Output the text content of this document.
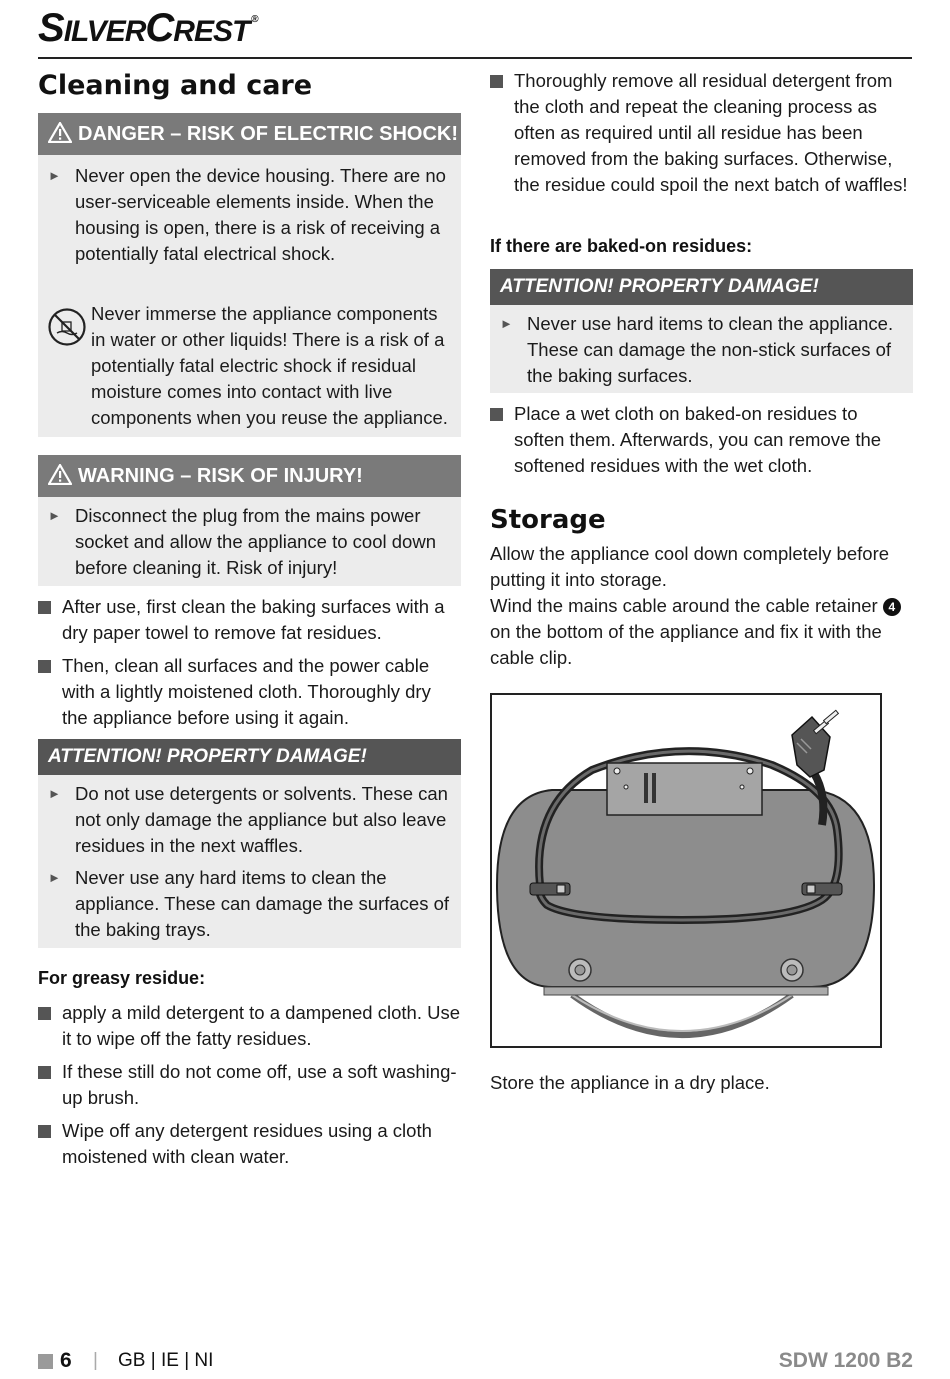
SILVERCREST ®
Cleaning and care
DANGER – RISK OF ELECTRIC SHOCK!
► Never open the device housing. There are no user-serviceable elements inside. When the housing is open, there is a risk of receiving a potentially fatal electrical shock.

Never immerse the appliance components in water or other liquids! There is a risk of a potentially fatal electric shock if residual moisture comes into contact with live components when you reuse the appliance.

WARNING – RISK OF INJURY!
► Disconnect the plug from the mains power socket and allow the appliance to cool down before cleaning it. Risk of injury!
After use, first clean the baking surfaces with a dry paper towel to remove fat residues.
Then, clean all surfaces and the power cable with a lightly moistened cloth. Thoroughly dry the appliance before using it again.
ATTENTION! PROPERTY DAMAGE!
► Do not use detergents or solvents. These can not only damage the appliance but also leave residues in the next waffles.
► Never use any hard items to clean the appliance. These can damage the surfaces of the baking trays.
For greasy residue:
apply a mild detergent to a dampened cloth. Use it to wipe off the fatty residues.
If these still do not come off, use a soft washing-up brush.
Wipe off any detergent residues using a cloth moistened with clean water.
Thoroughly remove all residual detergent from the cloth and repeat the cleaning process as often as required until all residue has been removed from the baking surfaces. Otherwise, the residue could spoil the next batch of waffles!
If there are baked-on residues:
ATTENTION! PROPERTY DAMAGE!
► Never use hard items to clean the appliance. These can damage the non-stick surfaces of the baking surfaces.
Place a wet cloth on baked-on residues to soften them. Afterwards, you can remove the softened residues with the wet cloth.
Storage

Allow the appliance cool down completely before putting it into storage.

Wind the mains cable around the cable retainer 4 on the bottom of the appliance and fix it with the cable clip.

Store the appliance in a dry place.

6 | GB | IE | NI	SDW 1200 B2
